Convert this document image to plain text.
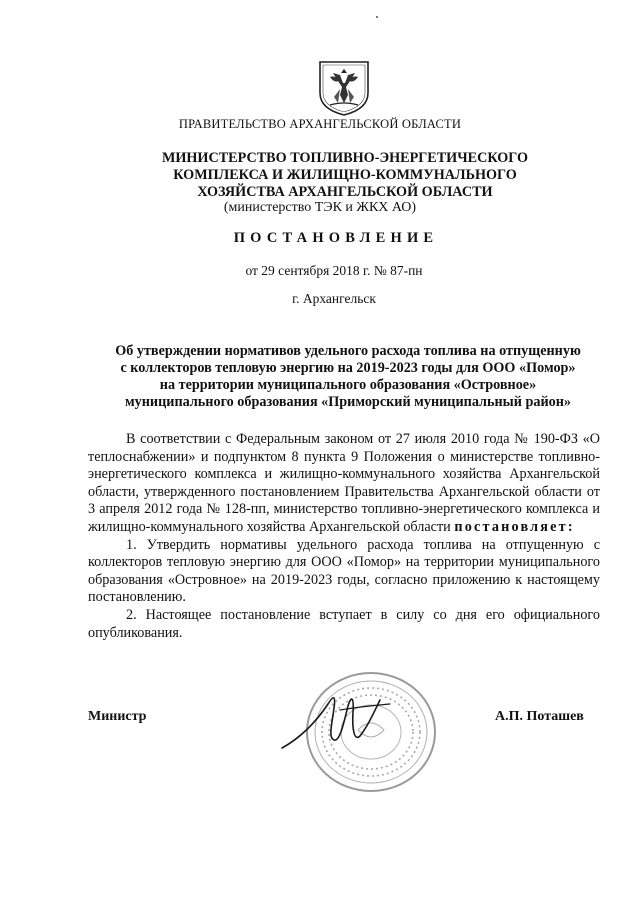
ПРАВИТЕЛЬСТВО АРХАНГЕЛЬСКОЙ ОБЛАСТИ
МИНИСТЕРСТВО ТОПЛИВНО-ЭНЕРГЕТИЧЕСКОГО
КОМПЛЕКСА И ЖИЛИЩНО-КОММУНАЛЬНОГО
ХОЗЯЙСТВА АРХАНГЕЛЬСКОЙ ОБЛАСТИ
(министерство ТЭК и ЖКХ АО)
ПОСТАНОВЛЕНИЕ
от 29 сентября 2018 г. № 87-пн
г. Архангельск
Об утверждении нормативов удельного расхода топлива на отпущенную
с коллекторов тепловую энергию на 2019-2023 годы для ООО «Помор»
на территории муниципального образования «Островное»
муниципального образования «Приморский муниципальный район»

В соответствии с Федеральным законом от 27 июля 2010 года № 190-ФЗ «О теплоснабжении» и подпунктом 8 пункта 9 Положения о министерстве топливно-энергетического комплекса и жилищно-коммунального хозяйства Архангельской области, утвержденного постановлением Правительства Архангельской области от 3 апреля 2012 года № 128-пп, министерство топливно-энергетического комплекса и жилищно-коммунального хозяйства Архангельской области постановляет:

1. Утвердить нормативы удельного расхода топлива на отпущенную с коллекторов тепловую энергию для ООО «Помор» на территории муниципального образования «Островное» на 2019-2023 годы, согласно приложению к настоящему постановлению.

2. Настоящее постановление вступает в силу со дня его официального опубликования.

Министр	А.П. Поташев
